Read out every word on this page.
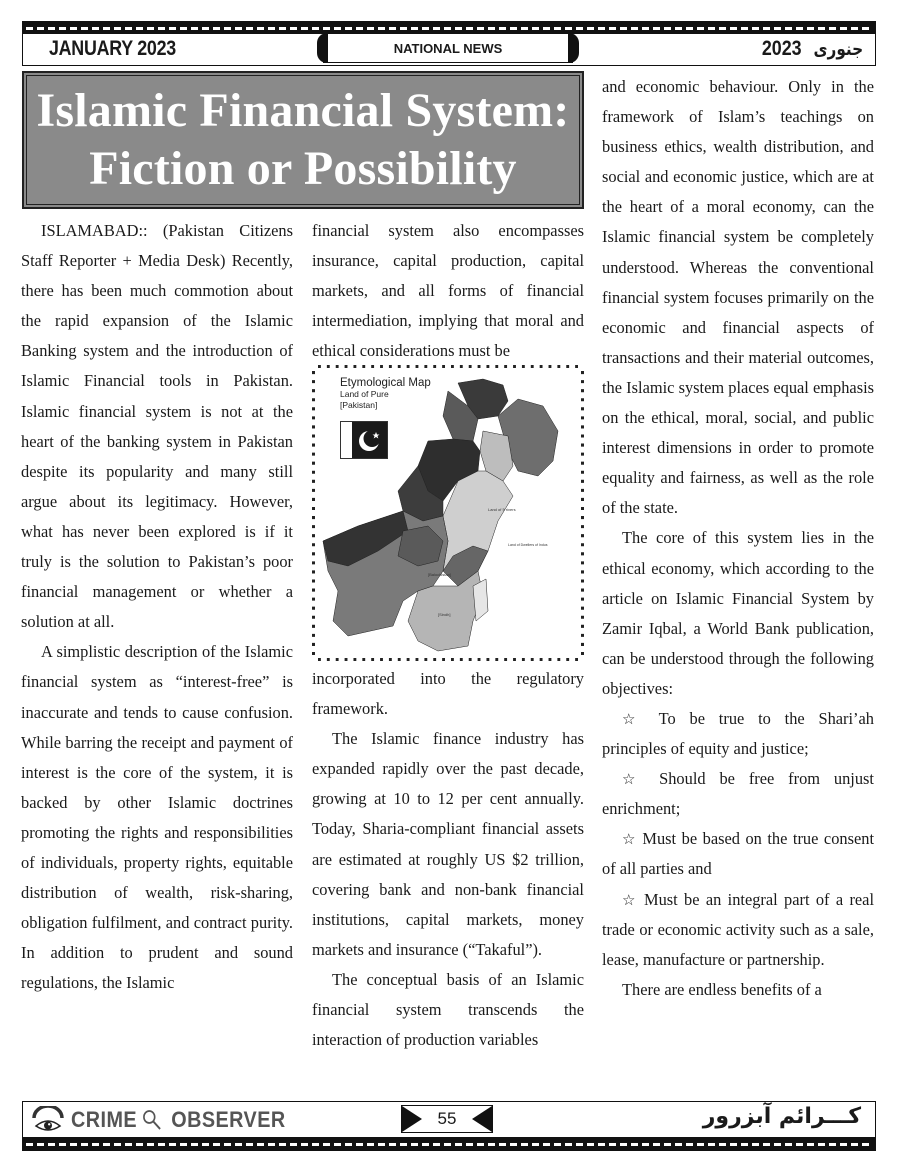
JANUARY 2023	NATIONAL NEWS	2023 جنوری
Islamic Financial System:
Fiction or Possibility

ISLAMABAD:: (Pakistan Citizens Staff Reporter + Media Desk) Recently, there has been much commotion about the rapid expansion of the Islamic Banking system and the introduction of Islamic Financial tools in Pakistan. Islamic financial system is not at the heart of the banking system in Pakistan despite its popularity and many still argue about its legitimacy. However, what has never been explored is if it truly is the solution to Pakistan’s poor financial management or whether a solution at all.

A simplistic description of the Islamic financial system as “interest-free” is inaccurate and tends to cause confusion. While barring the receipt and payment of interest is the core of the system, it is backed by other Islamic doctrines promoting the rights and responsibilities of individuals, property rights, equitable distribution of wealth, risk-sharing, obligation fulfilment, and contract purity. In addition to prudent and sound regulations, the Islamic

financial system also encompasses insurance, capital production, capital markets, and all forms of financial intermediation, implying that moral and ethical considerations must be

Land of 5 rivers
[Balochistan]
[Sindh]
Land of Dwellers of Indus
Etymological Map
Land of Pure
[Pakistan]

incorporated into the regulatory framework.

The Islamic finance industry has expanded rapidly over the past decade, growing at 10 to 12 per cent annually. Today, Sharia-compliant financial assets are estimated at roughly US $2 trillion, covering bank and non-bank financial institutions, capital markets, money markets and insurance (“Takaful”).

The conceptual basis of an Islamic financial system transcends the interaction of production variables

and economic behaviour. Only in the framework of Islam’s teachings on business ethics, wealth distribution, and social and economic justice, which are at the heart of a moral economy, can the Islamic financial system be completely understood. Whereas the conventional financial system focuses primarily on the economic and financial aspects of transactions and their material outcomes, the Islamic system places equal emphasis on the ethical, moral, social, and public interest dimensions in order to promote equality and fairness, as well as the role of the state.

The core of this system lies in the ethical economy, which according to the article on Islamic Financial System by Zamir Iqbal, a World Bank publication, can be understood through the following objectives:

☆ To be true to the Shari’ah principles of equity and justice;

☆ Should be free from unjust enrichment;

☆ Must be based on the true consent of all parties and

☆ Must be an integral part of a real trade or economic activity such as a sale, lease, manufacture or partnership.

There are endless benefits of a

CRIME OBSERVER	55	کـــرائم آبزرور
